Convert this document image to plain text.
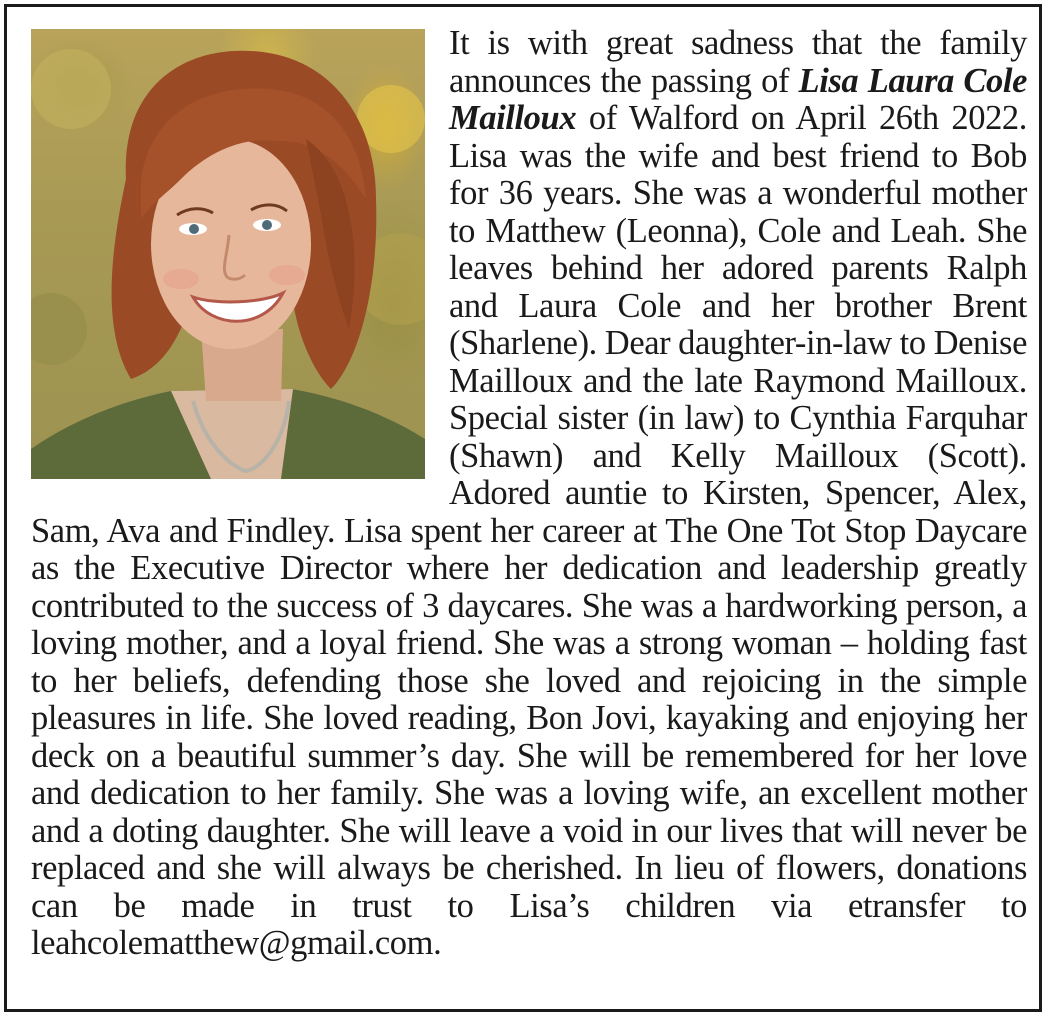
It is with great sadness that the family announces the passing of Lisa Laura Cole Mailloux of Walford on April 26th 2022. Lisa was the wife and best friend to Bob for 36 years. She was a wonderful mother to Matthew (Leonna), Cole and Leah. She leaves behind her adored parents Ralph and Laura Cole and her brother Brent (Sharlene). Dear daughter-in-law to Denise Mailloux and the late Raymond Mailloux. Special sister (in law) to Cynthia Farquhar (Shawn) and Kelly Mailloux (Scott). Adored auntie to Kirsten, Spencer, Alex, Sam, Ava and Findley. Lisa spent her career at The One Tot Stop Daycare as the Executive Director where her dedication and leadership greatly contributed to the success of 3 daycares. She was a hardworking person, a loving mother, and a loyal friend. She was a strong woman – holding fast to her beliefs, defending those she loved and rejoicing in the simple pleasures in life. She loved reading, Bon Jovi, kayaking and enjoying her deck on a beautiful summer’s day. She will be remembered for her love and dedication to her family. She was a loving wife, an excellent mother and a doting daughter. She will leave a void in our lives that will never be replaced and she will always be cherished. In lieu of flowers, donations can be made in trust to Lisa’s children via etransfer to leahcolematthew@gmail.com.
